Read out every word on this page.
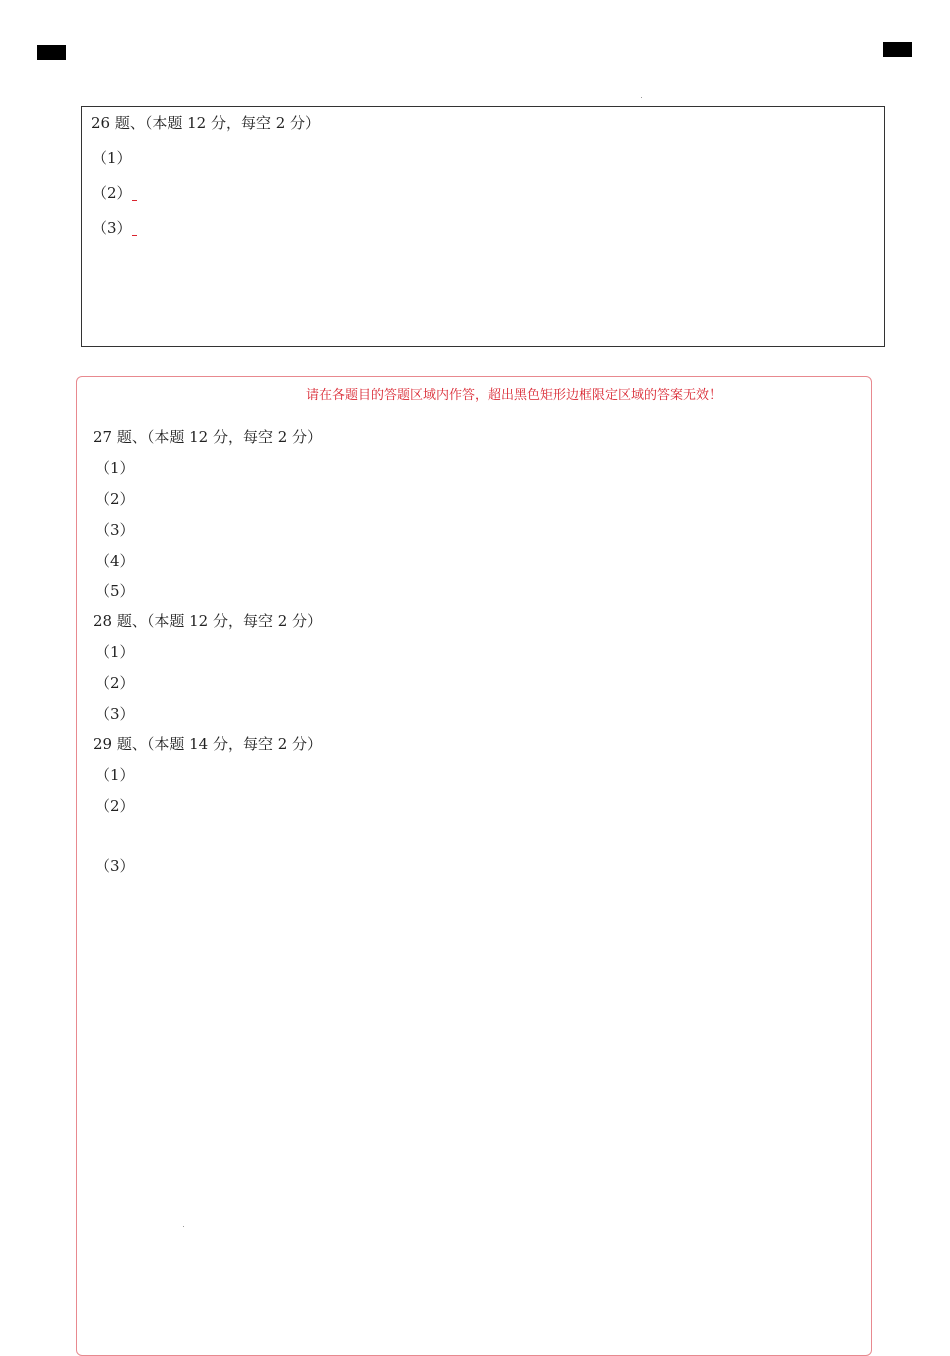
26 题、（本题 12 分，每空 2 分）
（1）
（2）
（3）
请在各题目的答题区域内作答，超出黑色矩形边框限定区域的答案无效！
27 题、（本题 12 分，每空 2 分）
（1）
（2）
（3）
（4）
（5）
28 题、（本题 12 分，每空 2 分）
（1）
（2）
（3）
29 题、（本题 14 分，每空 2 分）
（1）
（2）
（3）
